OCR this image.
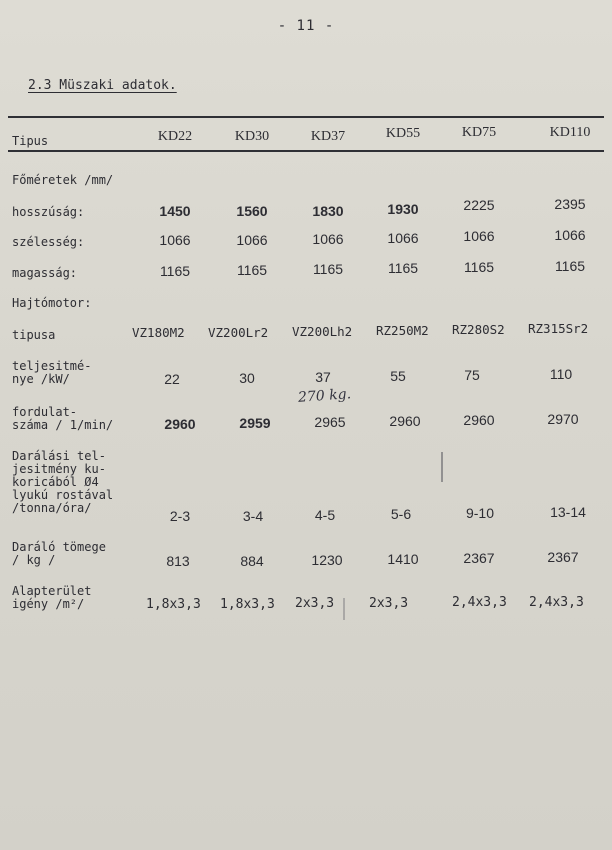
- 11 -
2.3 Müszaki adatok.
Tipus	KD22	KD30	KD37	KD55	KD75	KD110
Főméretek /mm/
hosszúság:	1450	1560	1830	1930	2225	2395
szélesség:	1066	1066	1066	1066	1066	1066
magasság:	1165	1165	1165	1165	1165	1165
Hajtómotor:
tipusa	VZ180M2 VZ200Lr2 VZ200Lh2 RZ250M2 RZ280S2 RZ315Sr2
teljesitmé-
nye /kW/	22	30	37	55	75	110
270 kg.
fordulat-
száma / 1/min/	2960	2959	2965	2960	2960	2970
Darálási tel-
jesitmény ku-
koricából Ø4
lyukú rostával
/tonna/óra/	2-3	3-4	4-5	5-6	9-10	13-14
Daráló tömege
/ kg /	813	884	1230	1410	2367	2367
Alapterület
igény /m²/	1,8x3,3 1,8x3,3 2x3,3	2x3,3	2,4x3,3 2,4x3,3
